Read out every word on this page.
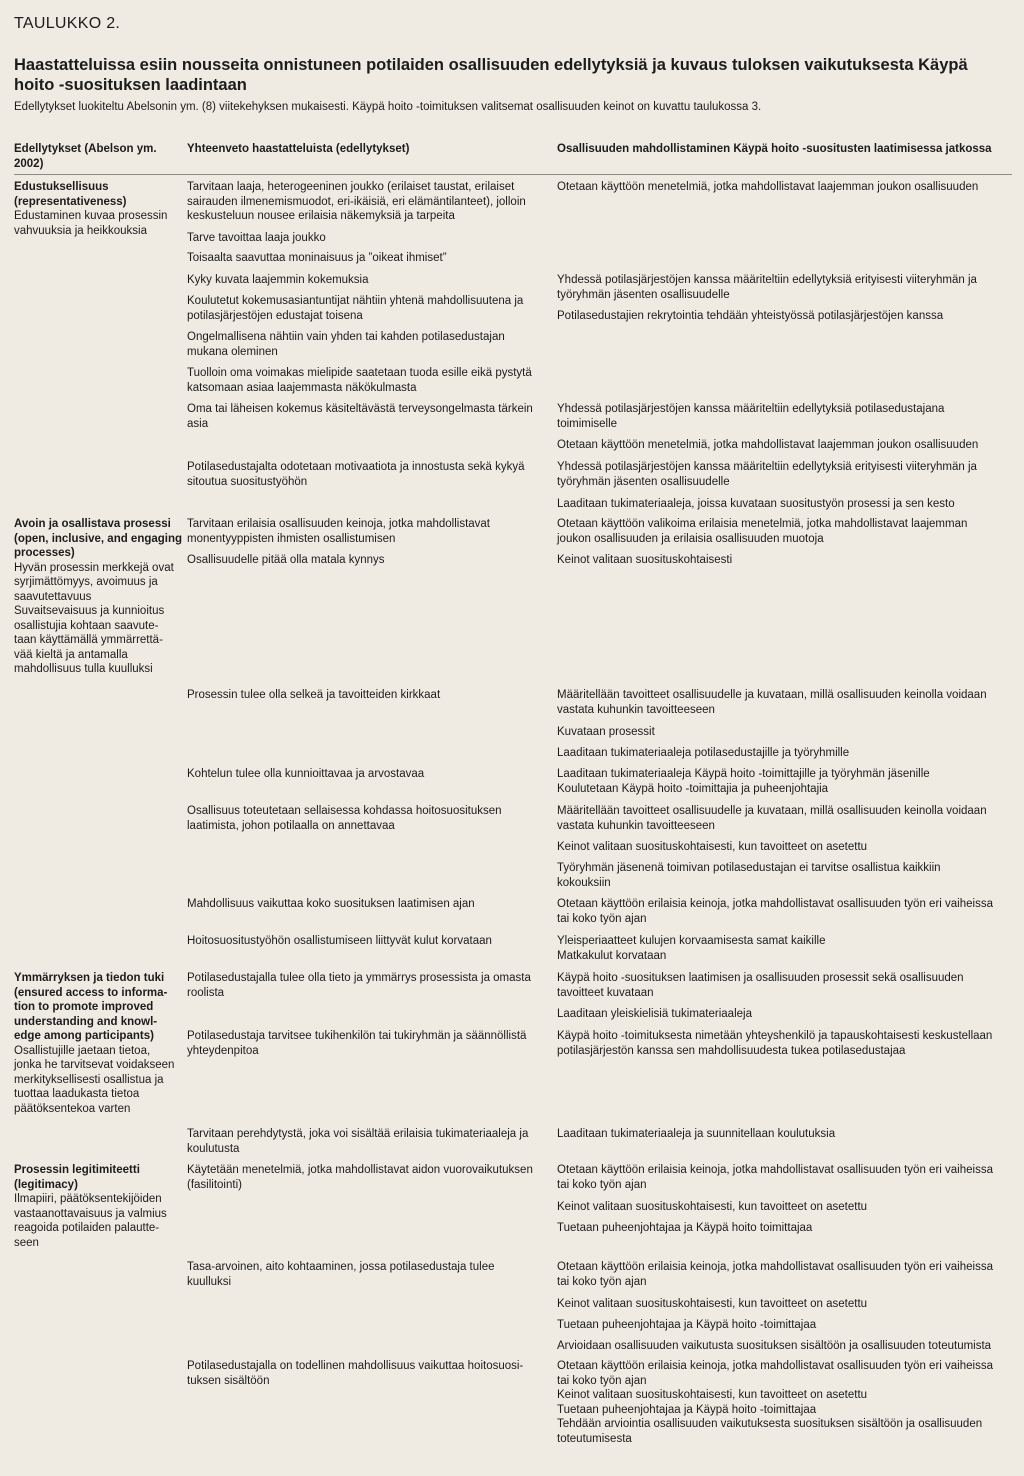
TAULUKKO 2.
Haastatteluissa esiin nousseita onnistuneen potilaiden osallisuuden edellytyksiä ja kuvaus tuloksen vaikutuksesta Käypä
hoito -suosituksen laadintaan
Edellytykset luokiteltu Abelsonin ym. (8) viitekehyksen mukaisesti. Käypä hoito -toimituksen valitsemat osallisuuden keinot on kuvattu taulukossa 3.
Edellytykset (Abelson ym.
2002)
Yhteenveto haastatteluista (edellytykset)	Osallisuuden mahdollistaminen Käypä hoito -suositusten laatimisessa jatkossa
Edustuksellisuus
(representativeness)
Edustaminen kuvaa prosessin
vahvuuksia ja heikkouksia
Avoin ja osallistava prosessi
(open, inclusive, and engaging
processes)
Hyvän prosessin merkkejä ovat
syrjimättömyys, avoimuus ja
saavutettavuus
Suvaitsevaisuus ja kunnioitus
osallistujia kohtaan saavute-
taan käyttämällä ymmärrettä-
vää kieltä ja antamalla
mahdollisuus tulla kuulluksi
Ymmärryksen ja tiedon tuki
(ensured access to informa-
tion to promote improved
understanding and knowl-
edge among participants)
Osallistujille jaetaan tietoa,
jonka he tarvitsevat voidakseen
merkityksellisesti osallistua ja
tuottaa laadukasta tietoa
päätöksentekoa varten
Prosessin legitimiteetti
(legitimacy)
Ilmapiiri, päätöksentekijöiden
vastaanottavaisuus ja valmius
reagoida potilaiden palautte-
seen
Tarvitaan laaja, heterogeeninen joukko (erilaiset taustat, erilaiset
sairauden ilmenemismuodot, eri-ikäisiä, eri elämäntilanteet), jolloin
keskusteluun nousee erilaisia näkemyksiä ja tarpeita
Tarve tavoittaa laaja joukko
Toisaalta saavuttaa moninaisuus ja ”oikeat ihmiset”
Kyky kuvata laajemmin kokemuksia
Koulutetut kokemusasiantuntijat nähtiin yhtenä mahdollisuutena ja
potilasjärjestöjen edustajat toisena
Ongelmallisena nähtiin vain yhden tai kahden potilasedustajan
mukana oleminen
Tuolloin oma voimakas mielipide saatetaan tuoda esille eikä pystytä
katsomaan asiaa laajemmasta näkökulmasta
Oma tai läheisen kokemus käsiteltävästä terveysongelmasta tärkein
asia
Potilasedustajalta odotetaan motivaatiota ja innostusta sekä kykyä
sitoutua suositustyöhön
Tarvitaan erilaisia osallisuuden keinoja, jotka mahdollistavat
monentyyppisten ihmisten osallistumisen
Osallisuudelle pitää olla matala kynnys
Prosessin tulee olla selkeä ja tavoitteiden kirkkaat
Kohtelun tulee olla kunnioittavaa ja arvostavaa
Osallisuus toteutetaan sellaisessa kohdassa hoitosuosituksen
laatimista, johon potilaalla on annettavaa
Mahdollisuus vaikuttaa koko suosituksen laatimisen ajan
Hoitosuositustyöhön osallistumiseen liittyvät kulut korvataan
Potilasedustajalla tulee olla tieto ja ymmärrys prosessista ja omasta
roolista
Potilasedustaja tarvitsee tukihenkilön tai tukiryhmän ja säännöllistä
yhteydenpitoa
Tarvitaan perehdytystä, joka voi sisältää erilaisia tukimateriaaleja ja
koulutusta
Käytetään menetelmiä, jotka mahdollistavat aidon vuorovaikutuksen
(fasilitointi)
Tasa-arvoinen, aito kohtaaminen, jossa potilasedustaja tulee
kuulluksi
Potilasedustajalla on todellinen mahdollisuus vaikuttaa hoitosuosi-
tuksen sisältöön
Otetaan käyttöön menetelmiä, jotka mahdollistavat laajemman joukon osallisuuden
Yhdessä potilasjärjestöjen kanssa määriteltiin edellytyksiä erityisesti viiteryhmän ja
työryhmän jäsenten osallisuudelle
Potilasedustajien rekrytointia tehdään yhteistyössä potilasjärjestöjen kanssa
Yhdessä potilasjärjestöjen kanssa määriteltiin edellytyksiä potilasedustajana
toimimiselle
Otetaan käyttöön menetelmiä, jotka mahdollistavat laajemman joukon osallisuuden
Yhdessä potilasjärjestöjen kanssa määriteltiin edellytyksiä erityisesti viiteryhmän ja
työryhmän jäsenten osallisuudelle
Laaditaan tukimateriaaleja, joissa kuvataan suositustyön prosessi ja sen kesto
Otetaan käyttöön valikoima erilaisia menetelmiä, jotka mahdollistavat laajemman
joukon osallisuuden ja erilaisia osallisuuden muotoja
Keinot valitaan suosituskohtaisesti
Määritellään tavoitteet osallisuudelle ja kuvataan, millä osallisuuden keinolla voidaan
vastata kuhunkin tavoitteeseen
Kuvataan prosessit
Laaditaan tukimateriaaleja potilasedustajille ja työryhmille
Laaditaan tukimateriaaleja Käypä hoito -toimittajille ja työryhmän jäsenille
Koulutetaan Käypä hoito -toimittajia ja puheenjohtajia
Määritellään tavoitteet osallisuudelle ja kuvataan, millä osallisuuden keinolla voidaan
vastata kuhunkin tavoitteeseen
Keinot valitaan suosituskohtaisesti, kun tavoitteet on asetettu
Työryhmän jäsenenä toimivan potilasedustajan ei tarvitse osallistua kaikkiin
kokouksiin
Otetaan käyttöön erilaisia keinoja, jotka mahdollistavat osallisuuden työn eri vaiheissa
tai koko työn ajan
Yleisperiaatteet kulujen korvaamisesta samat kaikille
Matkakulut korvataan
Käypä hoito -suosituksen laatimisen ja osallisuuden prosessit sekä osallisuuden
tavoitteet kuvataan
Laaditaan yleiskielisiä tukimateriaaleja
Käypä hoito -toimituksesta nimetään yhteyshenkilö ja tapauskohtaisesti keskustellaan
potilasjärjestön kanssa sen mahdollisuudesta tukea potilasedustajaa
Laaditaan tukimateriaaleja ja suunnitellaan koulutuksia
Otetaan käyttöön erilaisia keinoja, jotka mahdollistavat osallisuuden työn eri vaiheissa
tai koko työn ajan
Keinot valitaan suosituskohtaisesti, kun tavoitteet on asetettu
Tuetaan puheenjohtajaa ja Käypä hoito toimittajaa
Otetaan käyttöön erilaisia keinoja, jotka mahdollistavat osallisuuden työn eri vaiheissa
tai koko työn ajan
Keinot valitaan suosituskohtaisesti, kun tavoitteet on asetettu
Tuetaan puheenjohtajaa ja Käypä hoito -toimittajaa
Arvioidaan osallisuuden vaikutusta suosituksen sisältöön ja osallisuuden toteutumista
Otetaan käyttöön erilaisia keinoja, jotka mahdollistavat osallisuuden työn eri vaiheissa
tai koko työn ajan
Keinot valitaan suosituskohtaisesti, kun tavoitteet on asetettu
Tuetaan puheenjohtajaa ja Käypä hoito -toimittajaa
Tehdään arviointia osallisuuden vaikutuksesta suosituksen sisältöön ja osallisuuden
toteutumisesta
